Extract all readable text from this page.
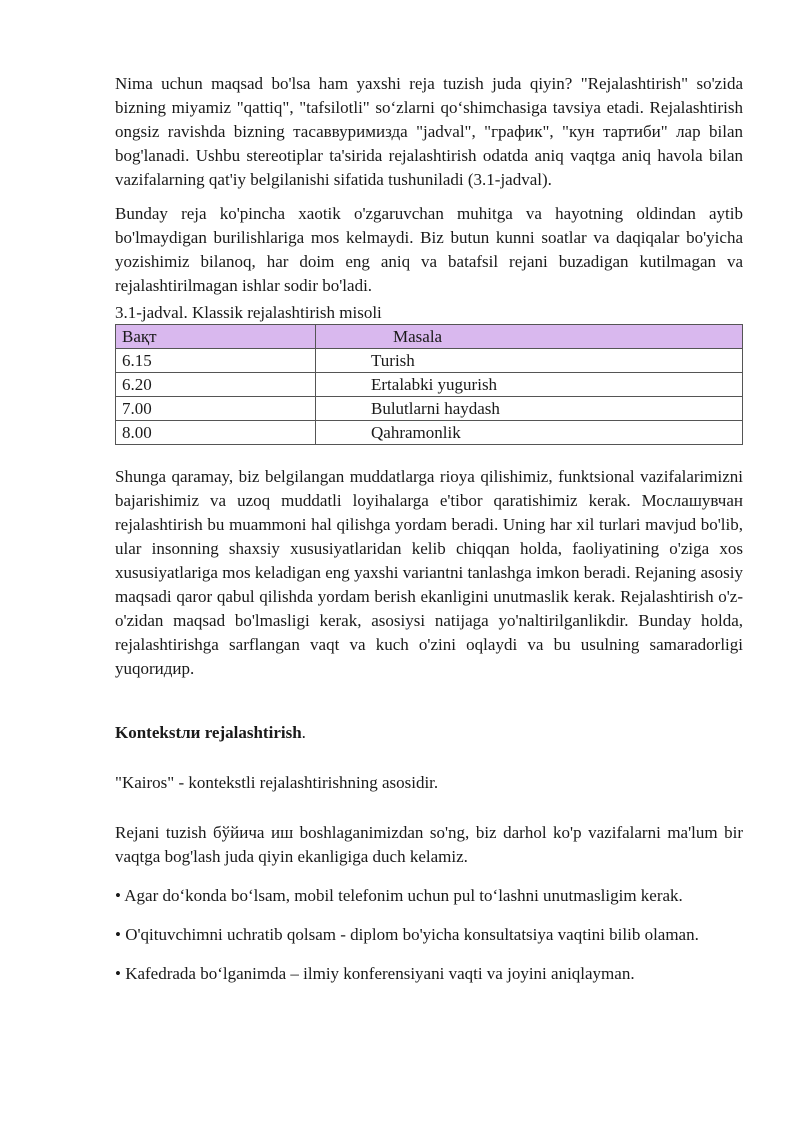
Nima uchun maqsad bo'lsa ham yaxshi reja tuzish juda qiyin? "Rejalashtirish" so'zida bizning miyamiz "qattiq", "tafsilotli" so‘zlarni qo‘shimchasiga tavsiya etadi. Rejalashtirish ongsiz ravishda bizning тасаввуримизда "jadval", "график", "кун тартиби" лар bilan bog'lanadi. Ushbu stereotiplar ta'sirida rejalashtirish odatda aniq vaqtga aniq havola bilan vazifalarning qat'iy belgilanishi sifatida tushuniladi (3.1-jadval).

Bunday reja ko'pincha xaotik o'zgaruvchan muhitga va hayotning oldindan aytib bo'lmaydigan burilishlariga mos kelmaydi. Biz butun kunni soatlar va daqiqalar bo'yicha yozishimiz bilanoq, har doim eng aniq va batafsil rejani buzadigan kutilmagan va rejalashtirilmagan ishlar sodir bo'ladi.

3.1-jadval. Klassik rejalashtirish misoli
Вақт	Masala
6.15	Turish
6.20	Ertalabki yugurish
7.00	Bulutlarni haydash
8.00	Qahramonlik

Shunga qaramay, biz belgilangan muddatlarga rioya qilishimiz, funktsional vazifalarimizni bajarishimiz va uzoq muddatli loyihalarga e'tibor qaratishimiz kerak. Мослашувчан rejalashtirish bu muammoni hal qilishga yordam beradi. Uning har xil turlari mavjud bo'lib, ular insonning shaxsiy xususiyatlaridan kelib chiqqan holda, faoliyatining o'ziga xos xususiyatlariga mos keladigan eng yaxshi variantni tanlashga imkon beradi. Rejaning asosiy maqsadi qaror qabul qilishda yordam berish ekanligini unutmaslik kerak. Rejalashtirish o'z-o'zidan maqsad bo'lmasligi kerak, asosiysi natijaga yo'naltirilganlikdir. Bunday holda, rejalashtirishga sarflangan vaqt va kuch o'zini oqlaydi va bu usulning samaradorligi yuqorидир.

Kontekstли rejalashtirish.

"Kairos" - kontekstli rejalashtirishning asosidir.

Rejani tuzish бўйича иш boshlaganimizdan so'ng, biz darhol ko'p vazifalarni ma'lum bir vaqtga bog'lash juda qiyin ekanligiga duch kelamiz.

• Agar do‘konda bo‘lsam, mobil telefonim uchun pul to‘lashni unutmasligim kerak.

• O'qituvchimni uchratib qolsam - diplom bo'yicha konsultatsiya vaqtini bilib olaman.

• Kafedrada bo‘lganimda – ilmiy konferensiyani vaqti va joyini aniqlayman.
